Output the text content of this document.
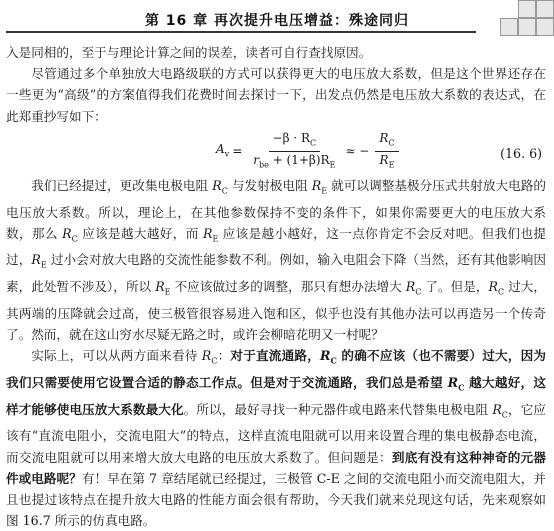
第 16 章 再次提升电压增益：殊途同归

入是同相的，至于与理论计算之间的误差，读者可自行查找原因。

尽管通过多个单独放大电路级联的方式可以获得更大的电压放大系数，但是这个世界还存在一些更为“高级”的方案值得我们花费时间去探讨一下，出发点仍然是电压放大系数的表达式，在此郑重抄写如下：

$A_v = \frac{-\beta \cdot R_C}{r_{be} + (1+\beta)R_E}$ ≈ − $\frac{R_C}{R_E}$	(16. 6)

我们已经提过，更改集电极电阻 $R_C$ 与发射极电阻 $R_E$ 就可以调整基极分压式共射放大电路的电压放大系数。所以，理论上，在其他参数保持不变的条件下，如果你需要更大的电压放大系数，那么 $R_C$ 应该是越大越好，而 $R_E$ 应该是越小越好，这一点你肯定不会反对吧。但我们也提过，$R_E$ 过小会对放大电路的交流性能参数不利。例如，输入电阻会下降（当然，还有其他影响因素，此处暂不涉及），所以 $R_E$ 不应该做过多的调整，那只有想办法增大 $R_C$ 了。但是，$R_C$ 过大，其两端的压降就会过高，使三极管很容易进入饱和区，似乎也没有其他办法可以再造另一个传奇了。然而，就在这山穷水尽疑无路之时，或许会柳暗花明又一村呢？

实际上，可以从两方面来看待 $R_C$：对于直流通路，$R_C$ 的确不应该（也不需要）过大，因为我们只需要使用它设置合适的静态工作点。但是对于交流通路，我们总是希望 $R_C$ 越大越好，这样才能够使电压放大系数最大化。所以，最好寻找一种元器件或电路来代替集电极电阻 $R_C$，它应该有“直流电阻小，交流电阻大”的特点，这样直流电阻就可以用来设置合理的集电极静态电流，而交流电阻就可以用来增大放大电路的电压放大系数了。但问题是：到底有没有这种神奇的元器件或电路呢？有！早在第 7 章结尾就已经提过，三极管 C-E 之间的交流电阻小而交流电阻大，并且也提过该特点在提升放大电路的性能方面会很有帮助，今天我们就来兑现这句话，先来观察如图 16.7 所示的仿真电路。
